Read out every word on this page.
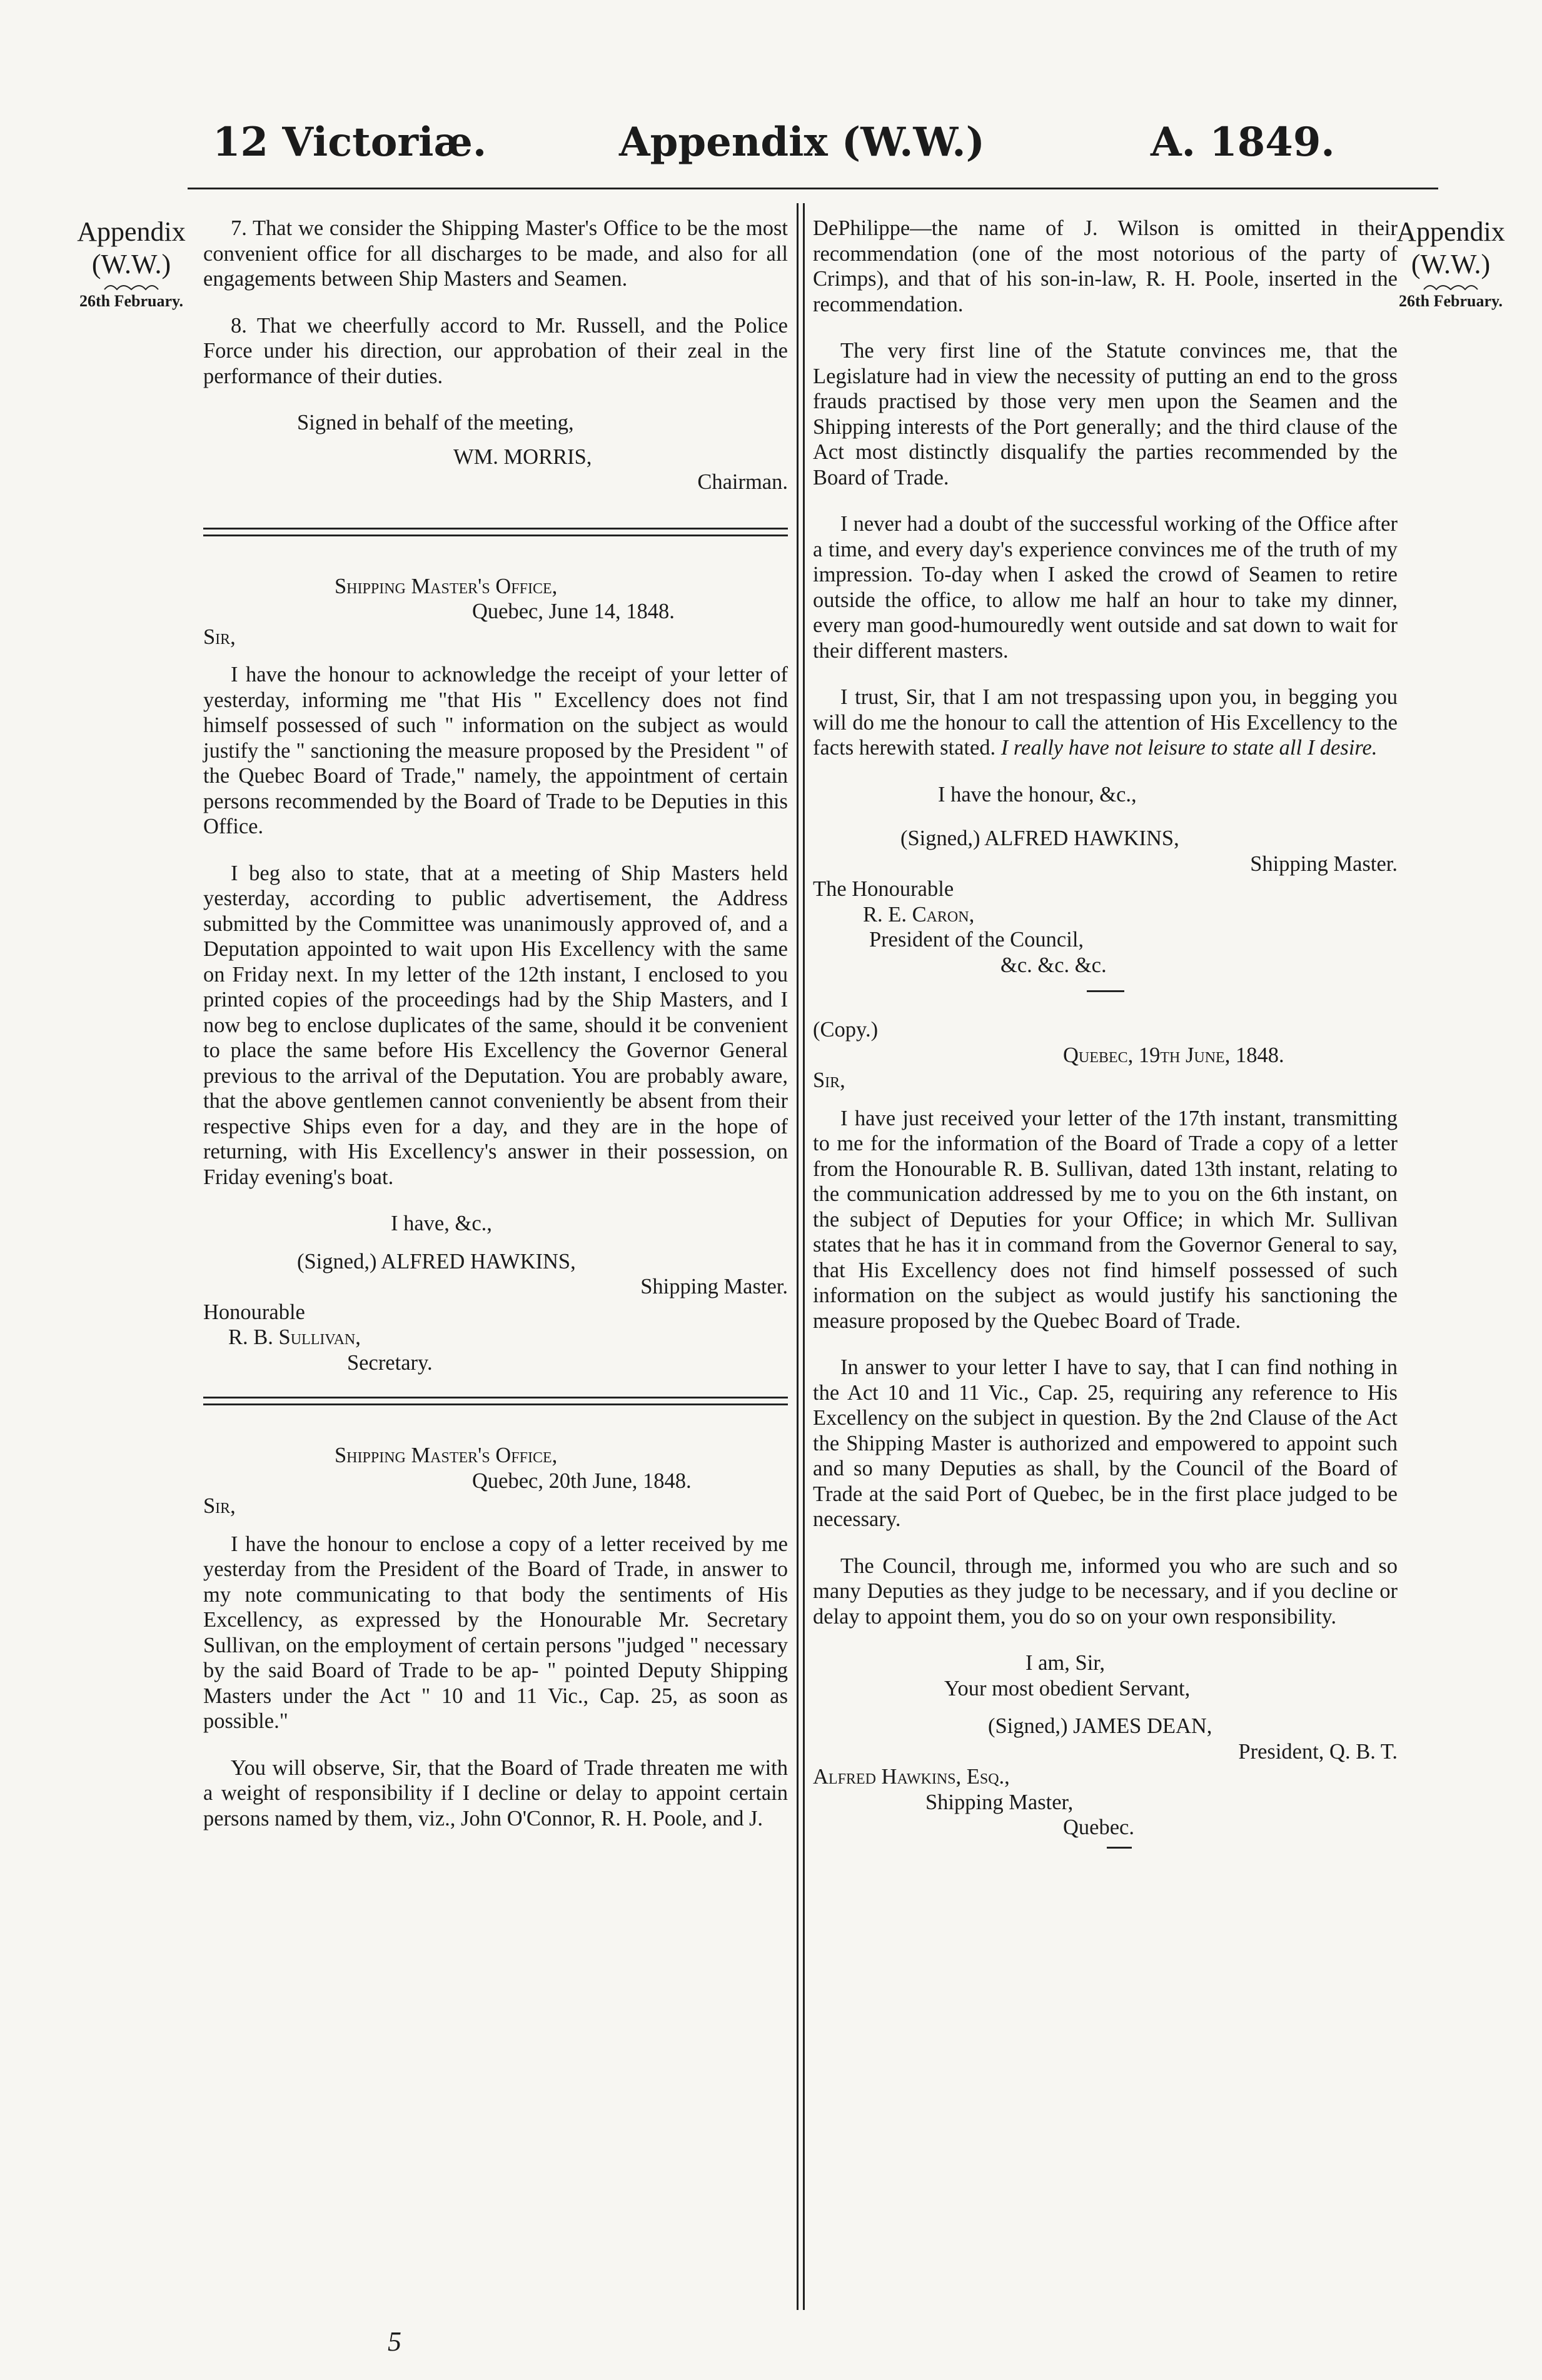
12 Victoriæ.	Appendix (W.W.)	A. 1849.
Appendix
(W.W.)
26th February.
Appendix
(W.W.)
26th February.

7. That we consider the Shipping Master's Office to be the most convenient office for all discharges to be made, and also for all engagements between Ship Masters and Seamen.

8. That we cheerfully accord to Mr. Russell, and the Police Force under his direction, our approbation of their zeal in the performance of their duties.

Signed in behalf of the meeting,

WM. MORRIS,

Chairman.

Shipping Master's Office,

Quebec, June 14, 1848.

Sir,

I have the honour to acknowledge the receipt of your letter of yesterday, informing me "that His " Excellency does not find himself possessed of such " information on the subject as would justify the " sanctioning the measure proposed by the President " of the Quebec Board of Trade," namely, the appointment of certain persons recommended by the Board of Trade to be Deputies in this Office.

I beg also to state, that at a meeting of Ship Masters held yesterday, according to public advertisement, the Address submitted by the Committee was unanimously approved of, and a Deputation appointed to wait upon His Excellency with the same on Friday next. In my letter of the 12th instant, I enclosed to you printed copies of the proceedings had by the Ship Masters, and I now beg to enclose duplicates of the same, should it be convenient to place the same before His Excellency the Governor General previous to the arrival of the Deputation. You are probably aware, that the above gentlemen cannot conveniently be absent from their respective Ships even for a day, and they are in the hope of returning, with His Excellency's answer in their possession, on Friday evening's boat.

I have, &c.,

(Signed,) ALFRED HAWKINS,

Shipping Master.

Honourable

R. B. Sullivan,

Secretary.

Shipping Master's Office,

Quebec, 20th June, 1848.

Sir,

I have the honour to enclose a copy of a letter received by me yesterday from the President of the Board of Trade, in answer to my note communicating to that body the sentiments of His Excellency, as expressed by the Honourable Mr. Secretary Sullivan, on the employment of certain persons "judged " necessary by the said Board of Trade to be ap- " pointed Deputy Shipping Masters under the Act " 10 and 11 Vic., Cap. 25, as soon as possible."

You will observe, Sir, that the Board of Trade threaten me with a weight of responsibility if I decline or delay to appoint certain persons named by them, viz., John O'Connor, R. H. Poole, and J.

DePhilippe—the name of J. Wilson is omitted in their recommendation (one of the most notorious of the party of Crimps), and that of his son-in-law, R. H. Poole, inserted in the recommendation.

The very first line of the Statute convinces me, that the Legislature had in view the necessity of putting an end to the gross frauds practised by those very men upon the Seamen and the Shipping interests of the Port generally; and the third clause of the Act most distinctly disqualify the parties recommended by the Board of Trade.

I never had a doubt of the successful working of the Office after a time, and every day's experience convinces me of the truth of my impression. To-day when I asked the crowd of Seamen to retire outside the office, to allow me half an hour to take my dinner, every man good-humouredly went outside and sat down to wait for their different masters.

I trust, Sir, that I am not trespassing upon you, in begging you will do me the honour to call the attention of His Excellency to the facts herewith stated. I really have not leisure to state all I desire.

I have the honour, &c.,

(Signed,) ALFRED HAWKINS,

Shipping Master.

The Honourable

R. E. Caron,

President of the Council,

&c. &c. &c.

(Copy.)

Quebec, 19th June, 1848.

Sir,

I have just received your letter of the 17th instant, transmitting to me for the information of the Board of Trade a copy of a letter from the Honourable R. B. Sullivan, dated 13th instant, relating to the communication addressed by me to you on the 6th instant, on the subject of Deputies for your Office; in which Mr. Sullivan states that he has it in command from the Governor General to say, that His Excellency does not find himself possessed of such information on the subject as would justify his sanctioning the measure proposed by the Quebec Board of Trade.

In answer to your letter I have to say, that I can find nothing in the Act 10 and 11 Vic., Cap. 25, requiring any reference to His Excellency on the subject in question. By the 2nd Clause of the Act the Shipping Master is authorized and empowered to appoint such and so many Deputies as shall, by the Council of the Board of Trade at the said Port of Quebec, be in the first place judged to be necessary.

The Council, through me, informed you who are such and so many Deputies as they judge to be necessary, and if you decline or delay to appoint them, you do so on your own responsibility.

I am, Sir,

Your most obedient Servant,

(Signed,) JAMES DEAN,

President, Q. B. T.

Alfred Hawkins, Esq.,

Shipping Master,

Quebec.

5
